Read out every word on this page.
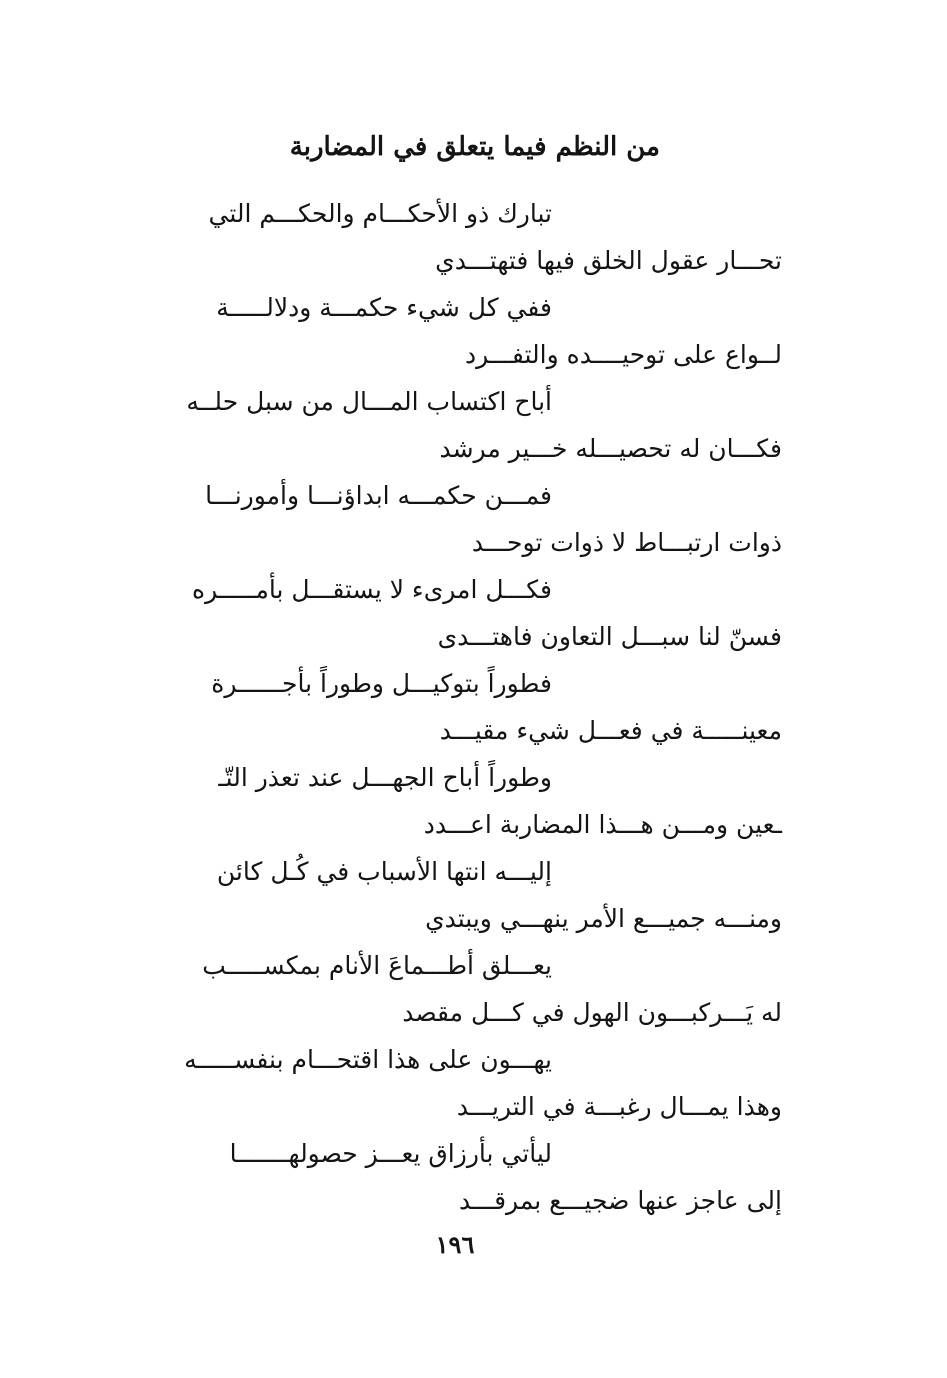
من النظم فيما يتعلق في المضاربة
تبارك ذو الأحكـــام والحكـــم التي
تحـــار عقول الخلق فيها فتهتـــدي
ففي كل شيء حكمـــة ودلالـــــة
لــواع على توحيــــده والتفـــرد
أباح اكتساب المـــال من سبل حلــه
فكـــان له تحصيـــله خـــير مرشد
فمـــن حكمـــه ابداؤنـــا وأمورنـــا
ذوات ارتبـــاط لا ذوات توحـــد
فكـــل امرىء لا يستقـــل بأمـــــره
فسنّ لنا سبـــل التعاون فاهتـــدى
فطوراً بتوكيـــل وطوراً بأجــــــرة
معينـــــة في فعـــل شيء مقيـــد
وطوراً أباح الجهـــل عند تعذر التّـ
ـعين ومـــن هـــذا المضاربة اعـــدد
إليـــه انتها الأسباب في كُـل كائن
ومنـــه جميـــع الأمر ينهـــي ويبتدي
يعـــلق أطـــماعَ الأنام بمكســـــب
له يَـــركبـــون الهول في كـــل مقصد
يهـــون على هذا اقتحـــام بنفســـــه
وهذا يمـــال رغبـــة في التريـــد
ليأتي بأرزاق يعـــز حصولهـــــــا
إلى عاجز عنها ضجيـــع بمرقـــد
١٩٦
